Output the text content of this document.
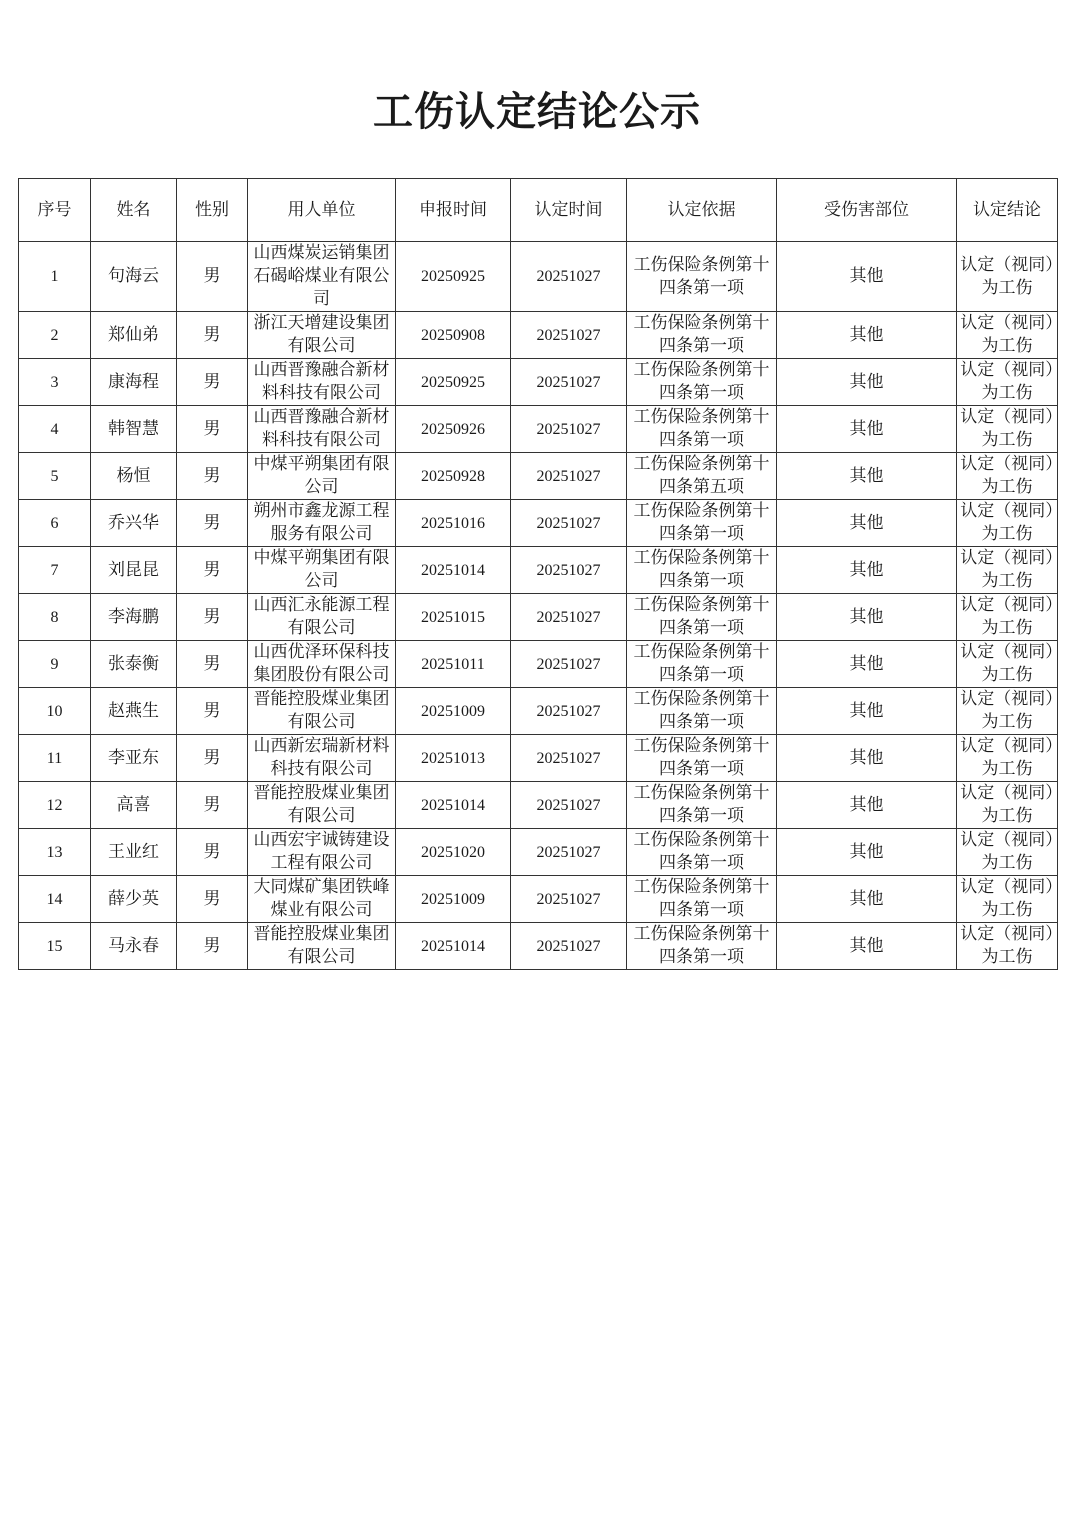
工伤认定结论公示
序号	姓名	性别	用人单位	申报时间	认定时间	认定依据	受伤害部位	认定结论
1	句海云	男	山西煤炭运销集团石碣峪煤业有限公司	20250925	20251027	工伤保险条例第十四条第一项	其他	认定（视同）为工伤
2	郑仙弟	男	浙江天增建设集团有限公司	20250908	20251027	工伤保险条例第十四条第一项	其他	认定（视同）为工伤
3	康海程	男	山西晋豫融合新材料科技有限公司	20250925	20251027	工伤保险条例第十四条第一项	其他	认定（视同）为工伤
4	韩智慧	男	山西晋豫融合新材料科技有限公司	20250926	20251027	工伤保险条例第十四条第一项	其他	认定（视同）为工伤
5	杨恒	男	中煤平朔集团有限公司	20250928	20251027	工伤保险条例第十四条第五项	其他	认定（视同）为工伤
6	乔兴华	男	朔州市鑫龙源工程服务有限公司	20251016	20251027	工伤保险条例第十四条第一项	其他	认定（视同）为工伤
7	刘昆昆	男	中煤平朔集团有限公司	20251014	20251027	工伤保险条例第十四条第一项	其他	认定（视同）为工伤
8	李海鹏	男	山西汇永能源工程有限公司	20251015	20251027	工伤保险条例第十四条第一项	其他	认定（视同）为工伤
9	张泰衡	男	山西优泽环保科技集团股份有限公司	20251011	20251027	工伤保险条例第十四条第一项	其他	认定（视同）为工伤
10	赵燕生	男	晋能控股煤业集团有限公司	20251009	20251027	工伤保险条例第十四条第一项	其他	认定（视同）为工伤
11	李亚东	男	山西新宏瑞新材料科技有限公司	20251013	20251027	工伤保险条例第十四条第一项	其他	认定（视同）为工伤
12	高喜	男	晋能控股煤业集团有限公司	20251014	20251027	工伤保险条例第十四条第一项	其他	认定（视同）为工伤
13	王业红	男	山西宏宇诚铸建设工程有限公司	20251020	20251027	工伤保险条例第十四条第一项	其他	认定（视同）为工伤
14	薛少英	男	大同煤矿集团铁峰煤业有限公司	20251009	20251027	工伤保险条例第十四条第一项	其他	认定（视同）为工伤
15	马永春	男	晋能控股煤业集团有限公司	20251014	20251027	工伤保险条例第十四条第一项	其他	认定（视同）为工伤
